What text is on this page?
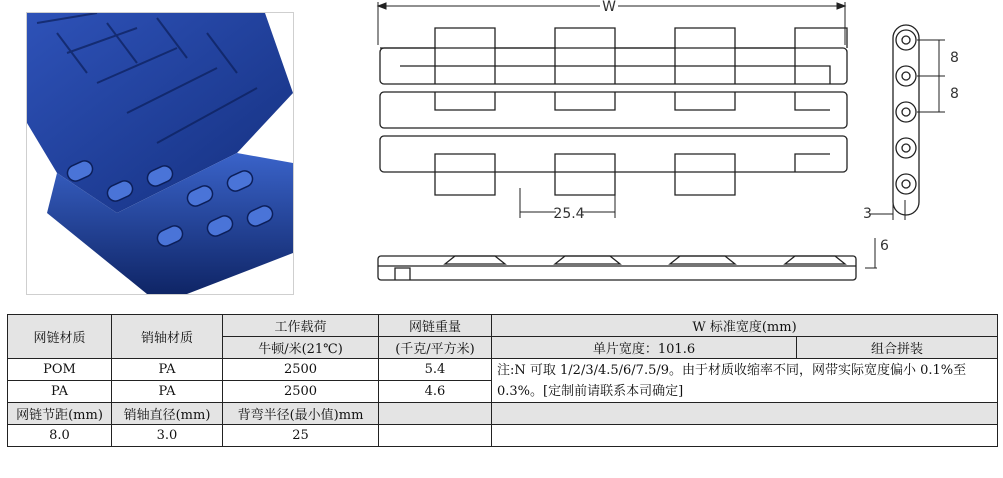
W
25.4
8
8
3
6
网链材质	销轴材质	工作载荷	网链重量	W 标准宽度(mm)	
		牛顿/米(21℃)	(千克/平方米)	单片宽度：101.6	组合拼装
POM	PA	2500	5.4	注:N 可取 1/2/3/4.5/6/7.5/9。由于材质收缩率不同，网带实际宽度偏小 0.1%至 0.3%。[定制前请联系本司确定]	
PA	PA	2500	4.6		
网链节距(mm)	销轴直径(mm)	背弯半径(最小值)mm			
8.0	3.0	25			
